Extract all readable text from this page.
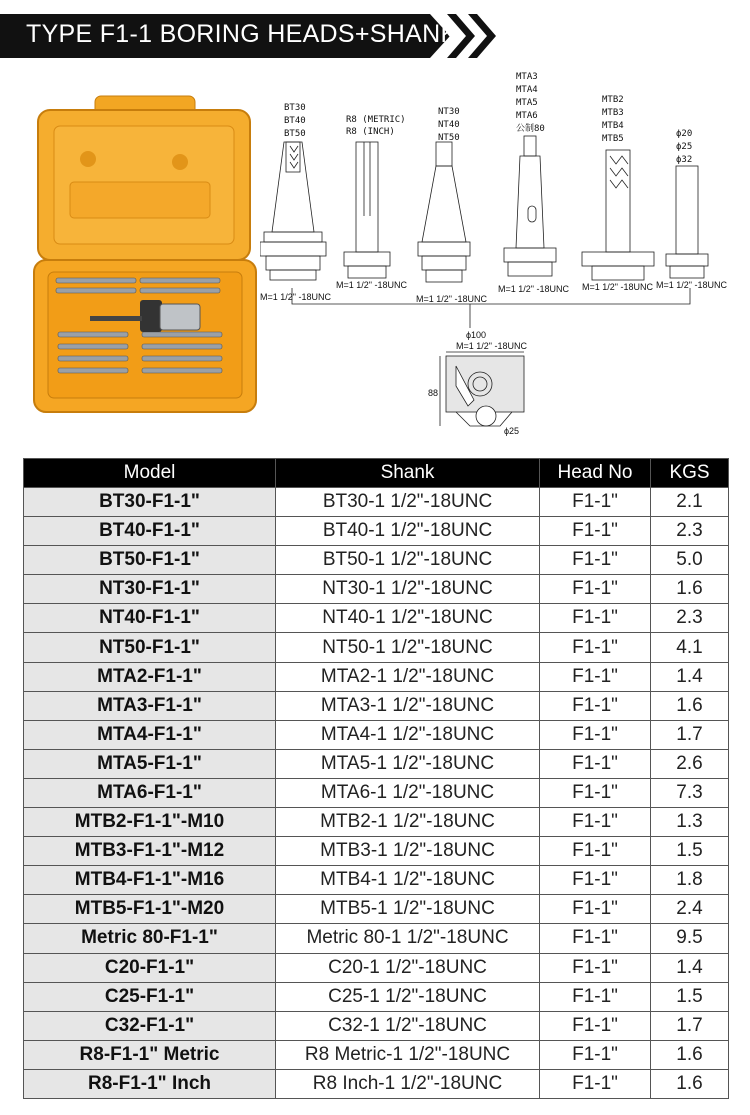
TYPE F1-1 BORING HEADS+SHANK
BT30
BT40
BT50
R8 (METRIC)
R8 (INCH)
NT30
NT40
NT50
MTA3
MTA4
MTA5
MTA6
公制80
MTB2
MTB3
MTB4
MTB5	ϕ20
ϕ25
ϕ32
M=1 1/2" -18UNC
M=1 1/2" -18UNC
M=1 1/2" -18UNC
M=1 1/2" -18UNC M=1 1/2" -18UNC M=1 1/2" -18UNC
ϕ100
M=1 1/2" -18UNC
88
ϕ25
Model	Shank	Head No	KGS
BT30-F1-1"	BT30-1 1/2"-18UNC	F1-1"	2.1
BT40-F1-1"	BT40-1 1/2"-18UNC	F1-1"	2.3
BT50-F1-1"	BT50-1 1/2"-18UNC	F1-1"	5.0
NT30-F1-1"	NT30-1 1/2"-18UNC	F1-1"	1.6
NT40-F1-1"	NT40-1 1/2"-18UNC	F1-1"	2.3
NT50-F1-1"	NT50-1 1/2"-18UNC	F1-1"	4.1
MTA2-F1-1"	MTA2-1 1/2"-18UNC	F1-1"	1.4
MTA3-F1-1"	MTA3-1 1/2"-18UNC	F1-1"	1.6
MTA4-F1-1"	MTA4-1 1/2"-18UNC	F1-1"	1.7
MTA5-F1-1"	MTA5-1 1/2"-18UNC	F1-1"	2.6
MTA6-F1-1"	MTA6-1 1/2"-18UNC	F1-1"	7.3
MTB2-F1-1"-M10	MTB2-1 1/2"-18UNC	F1-1"	1.3
MTB3-F1-1"-M12	MTB3-1 1/2"-18UNC	F1-1"	1.5
MTB4-F1-1"-M16	MTB4-1 1/2"-18UNC	F1-1"	1.8
MTB5-F1-1"-M20	MTB5-1 1/2"-18UNC	F1-1"	2.4
Metric 80-F1-1"	Metric 80-1 1/2"-18UNC	F1-1"	9.5
C20-F1-1"	C20-1 1/2"-18UNC	F1-1"	1.4
C25-F1-1"	C25-1 1/2"-18UNC	F1-1"	1.5
C32-F1-1"	C32-1 1/2"-18UNC	F1-1"	1.7
R8-F1-1" Metric	R8 Metric-1 1/2"-18UNC	F1-1"	1.6
R8-F1-1" Inch	R8 Inch-1 1/2"-18UNC	F1-1"	1.6
